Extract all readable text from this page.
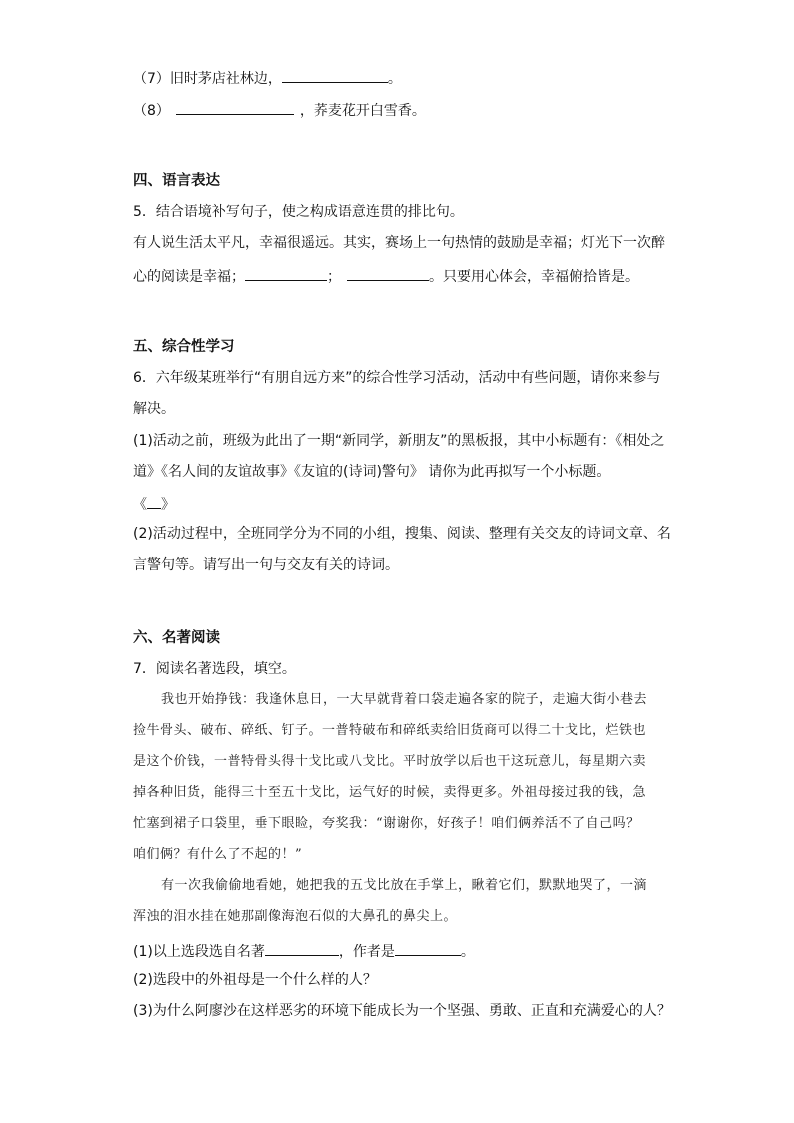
（7）旧时茅店社林边，	。
（8）	，荞麦花开白雪香。
四、语言表达
5．结合语境补写句子，使之构成语意连贯的排比句。
有人说生活太平凡，幸福很遥远。其实，赛场上一句热情的鼓励是幸福；灯光下一次醉
心的阅读是幸福；	；	。只要用心体会，幸福俯拾皆是。
五、综合性学习
6．六年级某班举行“有朋自远方来”的综合性学习活动，活动中有些问题，请你来参与
解决。
(1)活动之前，班级为此出了一期“新同学，新朋友”的黑板报，其中小标题有：《相处之
道》《名人间的友谊故事》《友谊的(诗词)警句》 请你为此再拟写一个小标题。
《 》
(2)活动过程中，全班同学分为不同的小组，搜集、阅读、整理有关交友的诗词文章、名
言警句等。请写出一句与交友有关的诗词。
六、名著阅读
7．阅读名著选段，填空。
我也开始挣钱：我逢休息日，一大早就背着口袋走遍各家的院子，走遍大街小巷去
捡牛骨头、破布、碎纸、钉子。一普特破布和碎纸卖给旧货商可以得二十戈比，烂铁也
是这个价钱，一普特骨头得十戈比或八戈比。平时放学以后也干这玩意儿，每星期六卖
掉各种旧货，能得三十至五十戈比，运气好的时候，卖得更多。外祖母接过我的钱，急
忙塞到裙子口袋里，垂下眼睑，夸奖我：“谢谢你，好孩子！咱们俩养活不了自己吗？
咱们俩？有什么了不起的！”
有一次我偷偷地看她，她把我的五戈比放在手掌上，瞅着它们，默默地哭了，一滴
浑浊的泪水挂在她那副像海泡石似的大鼻孔的鼻尖上。
(1)以上选段选自名著	，作者是	。
(2)选段中的外祖母是一个什么样的人？
(3)为什么阿廖沙在这样恶劣的环境下能成长为一个坚强、勇敢、正直和充满爱心的人？
